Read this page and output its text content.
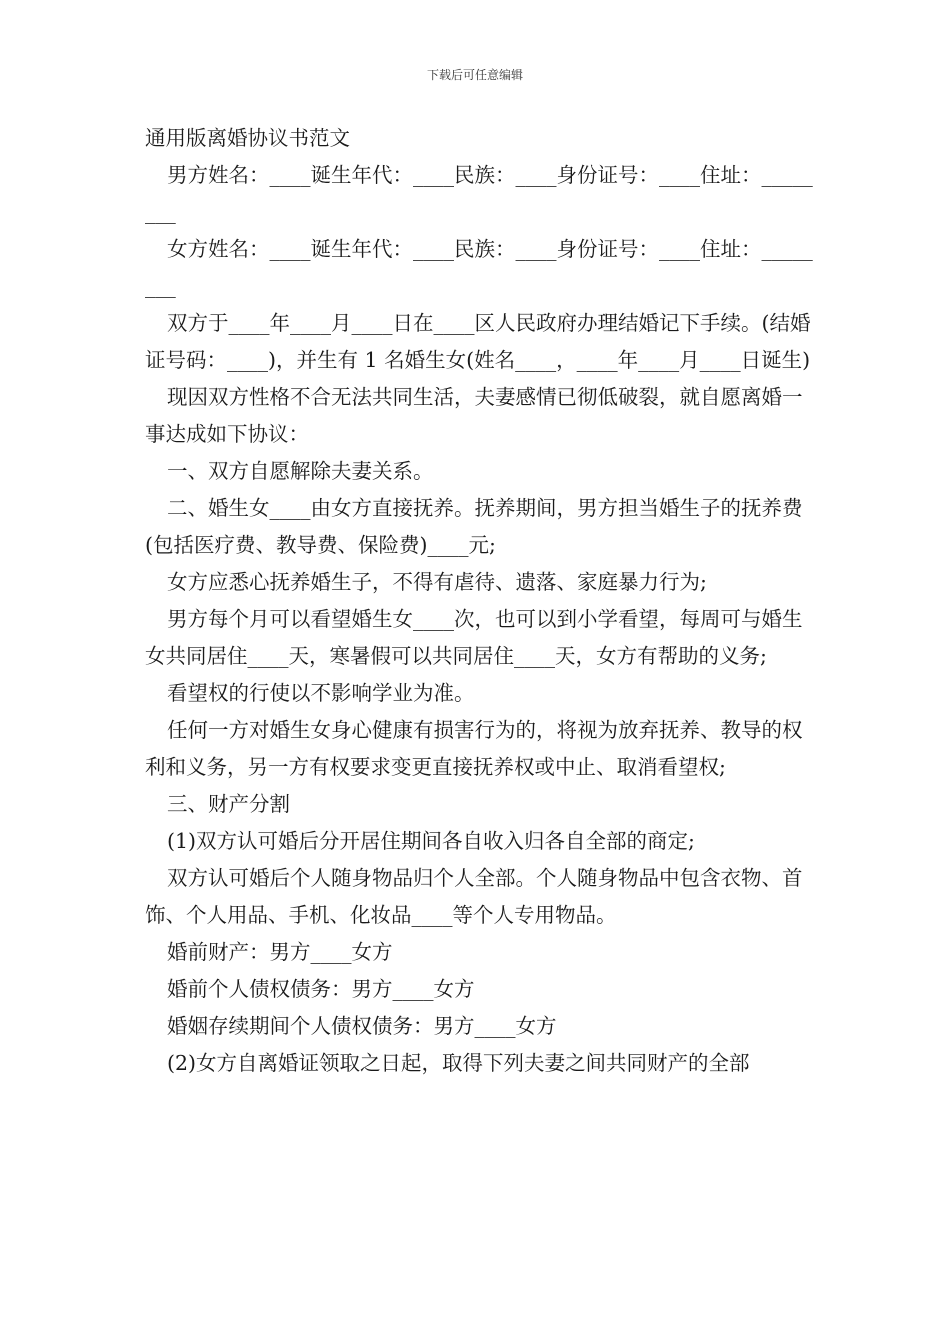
下载后可任意编辑

通用版离婚协议书范文

男方姓名：____诞生年代：____民族：____身份证号：____住址：________

女方姓名：____诞生年代：____民族：____身份证号：____住址：________

双方于____年____月____日在____区人民政府办理结婚记下手续。(结婚证号码：____)，并生有 1 名婚生女(姓名____，____年____月____日诞生)

现因双方性格不合无法共同生活，夫妻感情已彻低破裂，就自愿离婚一事达成如下协议：

一、双方自愿解除夫妻关系。

二、婚生女____由女方直接抚养。抚养期间，男方担当婚生子的抚养费(包括医疗费、教导费、保险费)____元;

女方应悉心抚养婚生子，不得有虐待、遗落、家庭暴力行为;

男方每个月可以看望婚生女____次，也可以到小学看望，每周可与婚生女共同居住____天，寒暑假可以共同居住____天，女方有帮助的义务;

看望权的行使以不影响学业为准。

任何一方对婚生女身心健康有损害行为的，将视为放弃抚养、教导的权利和义务，另一方有权要求变更直接抚养权或中止、取消看望权;

三、财产分割

(1)双方认可婚后分开居住期间各自收入归各自全部的商定;

双方认可婚后个人随身物品归个人全部。个人随身物品中包含衣物、首饰、个人用品、手机、化妆品____等个人专用物品。

婚前财产：男方____女方

婚前个人债权债务：男方____女方

婚姻存续期间个人债权债务：男方____女方

(2)女方自离婚证领取之日起，取得下列夫妻之间共同财产的全部
